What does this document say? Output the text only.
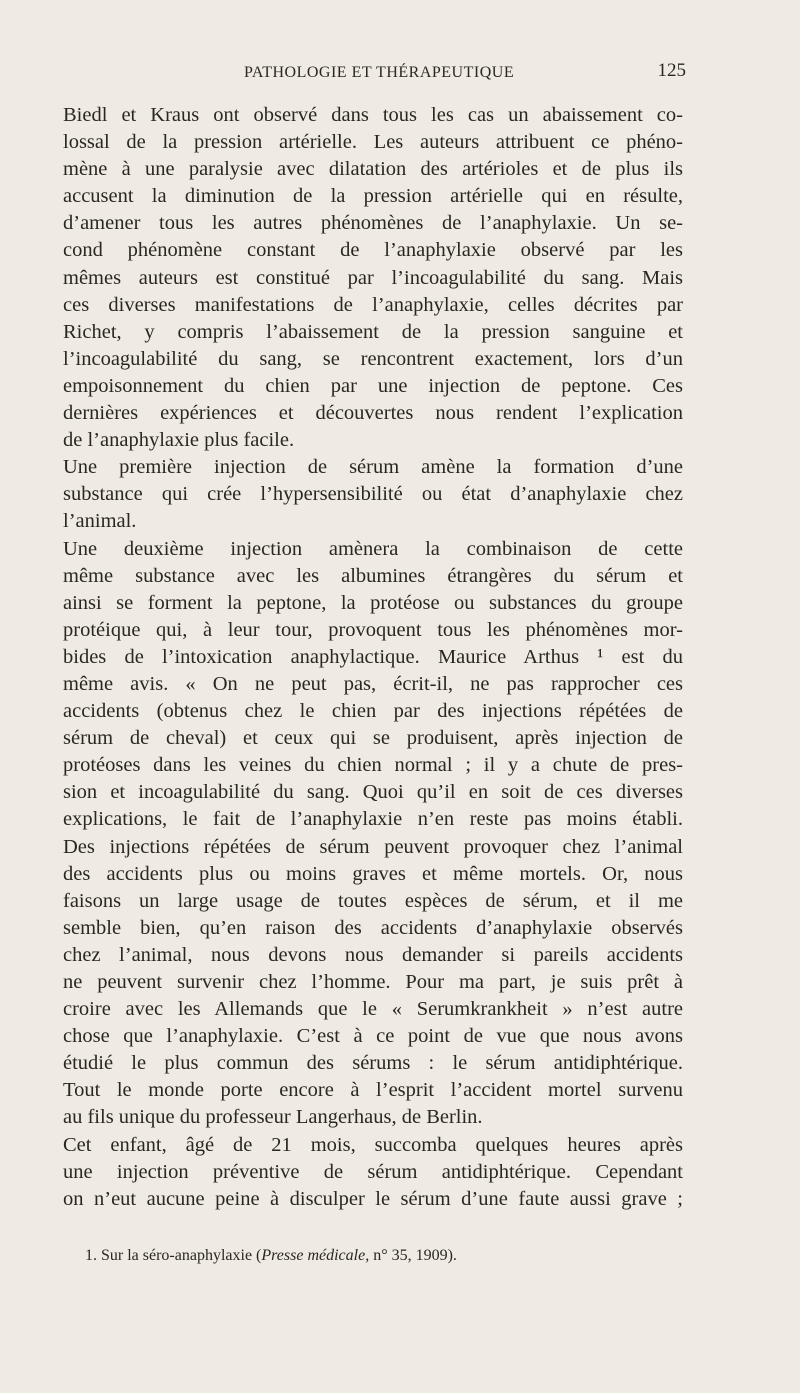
PATHOLOGIE ET THÉRAPEUTIQUE	125
Biedl et Kraus ont observé dans tous les cas un abaissement co-
lossal de la pression artérielle. Les auteurs attribuent ce phéno-
mène à une paralysie avec dilatation des artérioles et de plus ils
accusent la diminution de la pression artérielle qui en résulte,
d’amener tous les autres phénomènes de l’anaphylaxie. Un se-
cond phénomène constant de l’anaphylaxie observé par les
mêmes auteurs est constitué par l’incoagulabilité du sang. Mais
ces diverses manifestations de l’anaphylaxie, celles décrites par
Richet, y compris l’abaissement de la pression sanguine et
l’incoagulabilité du sang, se rencontrent exactement, lors d’un
empoisonnement du chien par une injection de peptone. Ces
dernières expériences et découvertes nous rendent l’explication
de l’anaphylaxie plus facile.
Une première injection de sérum amène la formation d’une
substance qui crée l’hypersensibilité ou état d’anaphylaxie chez
l’animal.
Une deuxième injection amènera la combinaison de cette
même substance avec les albumines étrangères du sérum et
ainsi se forment la peptone, la protéose ou substances du groupe
protéique qui, à leur tour, provoquent tous les phénomènes mor-
bides de l’intoxication anaphylactique. Maurice Arthus ¹ est du
même avis. « On ne peut pas, écrit-il, ne pas rapprocher ces
accidents (obtenus chez le chien par des injections répétées de
sérum de cheval) et ceux qui se produisent, après injection de
protéoses dans les veines du chien normal ; il y a chute de pres-
sion et incoagulabilité du sang. Quoi qu’il en soit de ces diverses
explications, le fait de l’anaphylaxie n’en reste pas moins établi.
Des injections répétées de sérum peuvent provoquer chez l’animal
des accidents plus ou moins graves et même mortels. Or, nous
faisons un large usage de toutes espèces de sérum, et il me
semble bien, qu’en raison des accidents d’anaphylaxie observés
chez l’animal, nous devons nous demander si pareils accidents
ne peuvent survenir chez l’homme. Pour ma part, je suis prêt à
croire avec les Allemands que le « Serumkrankheit » n’est autre
chose que l’anaphylaxie. C’est à ce point de vue que nous avons
étudié le plus commun des sérums : le sérum antidiphtérique.
Tout le monde porte encore à l’esprit l’accident mortel survenu
au fils unique du professeur Langerhaus, de Berlin.
Cet enfant, âgé de 21 mois, succomba quelques heures après
une injection préventive de sérum antidiphtérique. Cependant
on n’eut aucune peine à disculper le sérum d’une faute aussi grave ;
1. Sur la séro-anaphylaxie (Presse médicale, n° 35, 1909).
